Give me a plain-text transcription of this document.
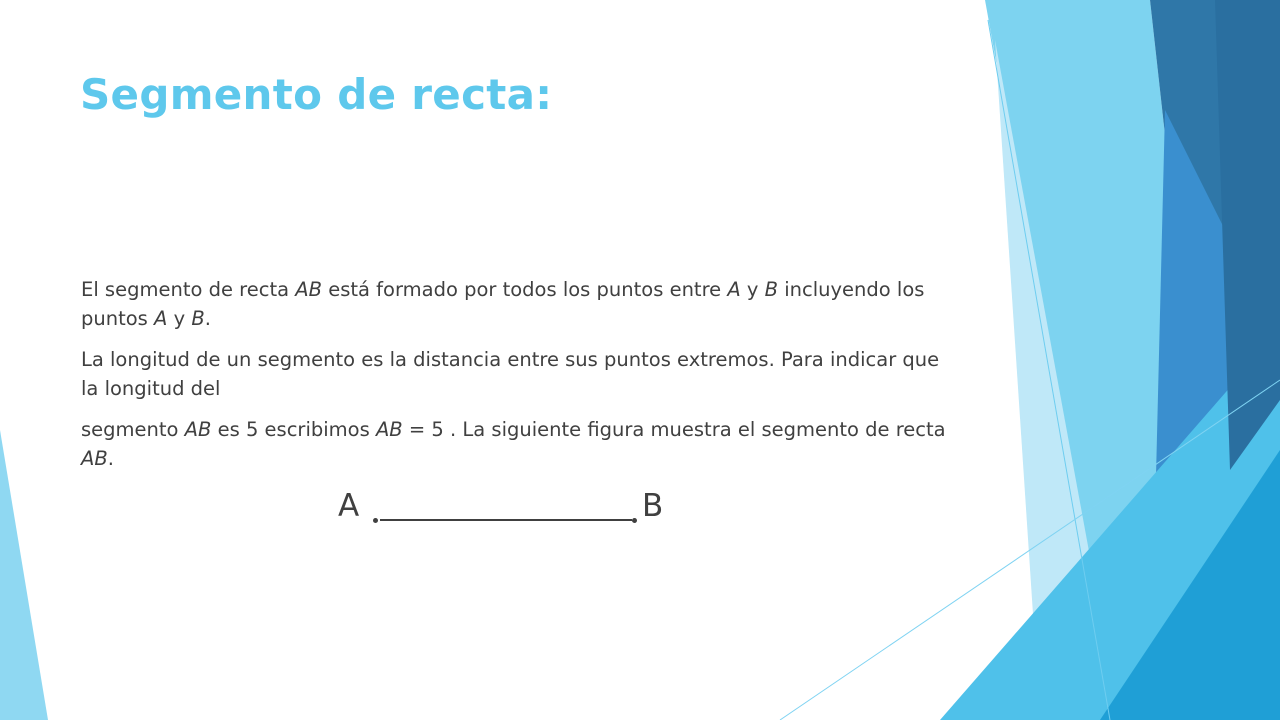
Segmento de recta:

El segmento de recta AB está formado por todos los puntos entre A y B incluyendo los puntos A y B.

La longitud de un segmento es la distancia entre sus puntos extremos. Para indicar que la longitud del

segmento AB es 5 escribimos AB = 5 . La siguiente figura muestra el segmento de recta AB.

A	B
